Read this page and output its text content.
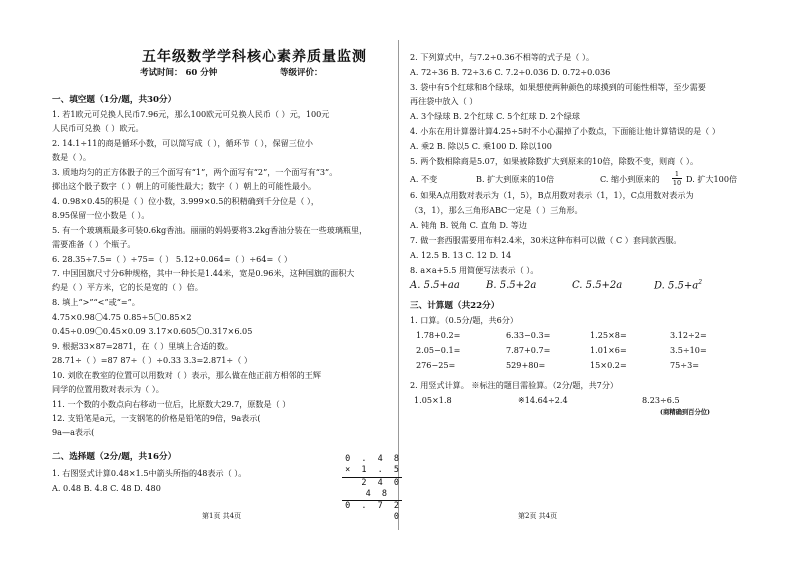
五年级数学学科核心素养质量监测
考试时间： 60 分钟	等级评价：
一、填空题（1分/题，共30分）
1. 若1欧元可兑换人民币7.96元，那么100欧元可兑换人民币（ ）元，100元
人民币可兑换（ ）欧元。
2. 14.1÷11的商是循环小数，可以简写成（ ），循环节（ ），保留三位小
数是（ ）。
3. 质地均匀的正方体骰子的三个面写有“1”，两个面写有“2”，一个面写有“3”。
掷出这个骰子数字（ ）朝上的可能性最大；数字（ ）朝上的可能性最小。
4. 0.98×0.45的积是（ ）位小数，3.999×0.5的积精确到千分位是（ ），
8.95保留一位小数是（ ）。
5. 有一个玻璃瓶最多可装0.6kg香油。丽丽的妈妈要将3.2kg香油分装在一些玻璃瓶里，
需要准备（ ）个瓶子。
6. 28.35÷7.5=（ ）÷75=（ ） 5.12÷0.064=（ ）÷64=（ ）
7. 中国国旗尺寸分6种规格，其中一种长是1.44米，宽是0.96米，这种国旗的面积大
约是（ ）平方米，它的长是宽的（ ）倍。
8. 填上“>”“<”或“=”。
4.75×0.98〇4.75 0.85÷5〇0.85×2
0.45÷0.09〇0.45×0.09 3.17×0.605〇0.317×6.05
9. 根据33×87=2871，在（ ）里填上合适的数。
28.71÷（ ）=87 87÷（ ）÷0.33 3.3=2.871÷（ ）
10. 刘欣在教室的位置可以用数对（ ）表示，那么做在他正前方相邻的王辉
同学的位置用数对表示为（ ）。
11. 一个数的小数点向右移动一位后，比原数大29.7，原数是（ ）
12. 支铅笔是a元，一支钢笔的价格是铅笔的9倍，9a表示(
9a—a表示(
二、选择题（2分/题，共16分）
1. 右图竖式计算0.48×1.5中箭头所指的48表示（ ）。
A. 0.48 B. 4.8 C. 48 D. 480
0 . 4 8
× 1 . 5
2 4 0
4 8
0 . 7 2 0
第1页 共4页
2. 下列算式中，与7.2÷0.36不相等的式子是（ ）。
A. 72÷36 B. 72÷3.6 C. 7.2÷0.036 D. 0.72÷0.036
3. 袋中有5个红球和8个绿球，如果想使两种颜色的球摸到的可能性相等，至少需要
再往袋中放入（ ）
A. 3个绿球 B. 2个红球 C. 5个红球 D. 2个绿球
4. 小东在用计算器计算4.25÷5时不小心漏掉了小数点，下面能让他计算错误的是（ ）
A. 乘2 B. 除以5 C. 乘100 D. 除以100
5. 两个数相除商是5.07，如果被除数扩大到原来的10倍，除数不变，则商（ ）。
A. 不变	B. 扩大到原来的10倍	C. 缩小到原来的 $\frac{1}{10} D$. 扩大100倍
6. 如果A点用数对表示为（1，5），B点用数对表示（1，1），C点用数对表示为
（3，1），那么三角形ABC一定是（ ）三角形。
A. 钝角 B. 锐角 C. 直角 D. 等边
7. 做一套西服需要用布料2.4米，30米这种布料可以做（ C ）套同款西服。
A. 12.5 B. 13 C. 12 D. 14
8. a×a+5.5 用简便写法表示（ ）。
A. 5.5+aa	B. 5.5+2a	C. 5.5+2a	D. $5.5+a^2$
三、计算题（共22分）
1. 口算。（0.5分/题，共6分）
1.78+0.2=	6.33−0.3=	1.25×8=	3.12÷2=
2.05−0.1=	7.87+0.7=	1.01×6=	3.5÷10=
276−25=	529+80=	15×0.2=	75÷3=
2. 用竖式计算。 ※标注的题目需验算。（2分/题，共7分）
1.05×1.8	※14.64÷2.4	8.23÷6.5
(商精确到百分位)
第2页 共4页
